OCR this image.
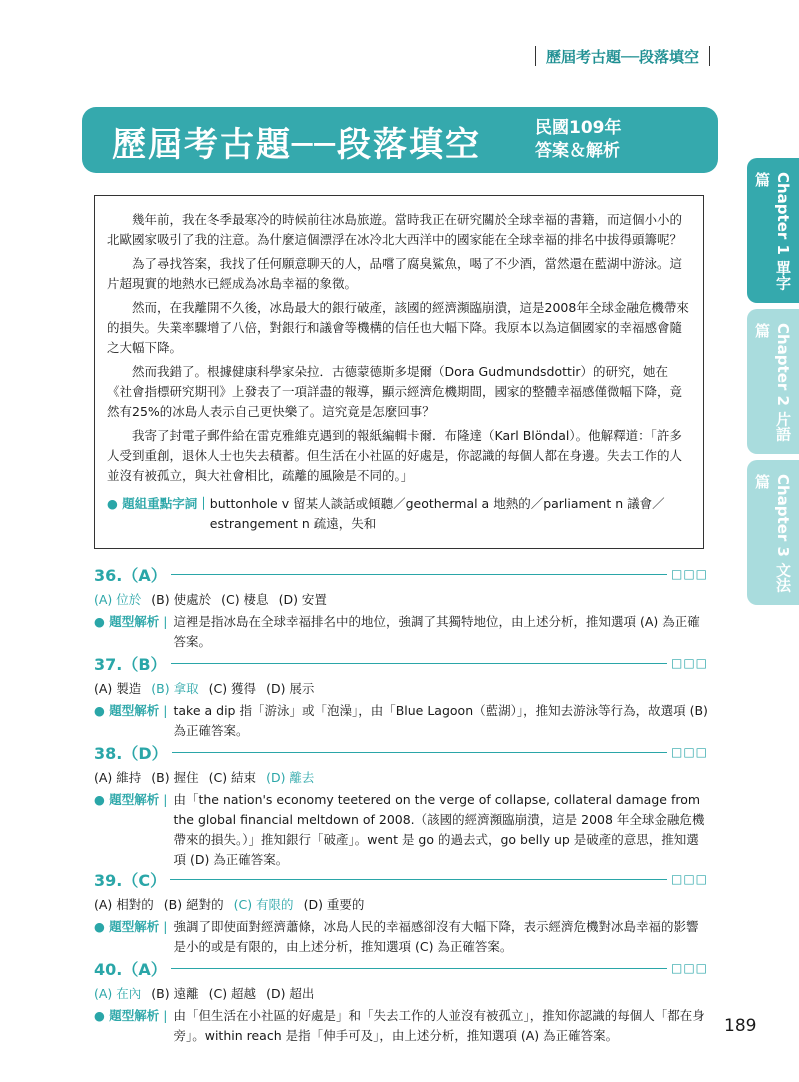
歷屆考古題──段落填空
歷屆考古題──段落填空	民國109年
答案＆解析
Chapter 1 單字篇
Chapter 2 片語篇
Chapter 3 文法篇

幾年前，我在冬季最寒冷的時候前往冰島旅遊。當時我正在研究關於全球幸福的書籍，而這個小小的北歐國家吸引了我的注意。為什麼這個漂浮在冰冷北大西洋中的國家能在全球幸福的排名中拔得頭籌呢？

為了尋找答案，我找了任何願意聊天的人，品嚐了腐臭鯊魚，喝了不少酒，當然還在藍湖中游泳。這片超現實的地熱水已經成為冰島幸福的象徵。

然而，在我離開不久後，冰島最大的銀行破產，該國的經濟瀕臨崩潰，這是2008年全球金融危機帶來的損失。失業率驟增了八倍，對銀行和議會等機構的信任也大幅下降。我原本以為這個國家的幸福感會隨之大幅下降。

然而我錯了。根據健康科學家朵拉．古德蒙德斯多堤爾（Dora Gudmundsdottir）的研究，她在《社會指標研究期刊》上發表了一項詳盡的報導，顯示經濟危機期間，國家的整體幸福感僅微幅下降，竟然有25%的冰島人表示自己更快樂了。這究竟是怎麼回事？

我寄了封電子郵件給在雷克雅維克遇到的報紙編輯卡爾．布隆達（Karl Blöndal）。他解釋道：「許多人受到重創，退休人士也失去積蓄。但生活在小社區的好處是，你認識的每個人都在身邊。失去工作的人並沒有被孤立，與大社會相比，疏離的風險是不同的。」

● 題組重點字詞｜ buttonhole v 留某人談話或傾聽／geothermal a 地熱的／parliament n 議會／estrangement n 疏遠，失和
36.（A）	□□□
(A) 位於 (B) 使處於 (C) 棲息 (D) 安置
● 題型解析 | 這裡是指冰島在全球幸福排名中的地位，強調了其獨特地位，由上述分析，推知選項 (A) 為正確答案。
37.（B）	□□□
(A) 製造 (B) 拿取 (C) 獲得 (D) 展示
● 題型解析 | take a dip 指「游泳」或「泡澡」，由「Blue Lagoon（藍湖）」，推知去游泳等行為，故選項 (B) 為正確答案。
38.（D）	□□□
(A) 維持 (B) 握住 (C) 結束 (D) 離去
● 題型解析 | 由「the nation's economy teetered on the verge of collapse, collateral damage from the global financial meltdown of 2008.（該國的經濟瀕臨崩潰，這是 2008 年全球金融危機帶來的損失。）」推知銀行「破產」。went 是 go 的過去式，go belly up 是破產的意思，推知選項 (D) 為正確答案。
39.（C）	□□□
(A) 相對的 (B) 絕對的 (C) 有限的 (D) 重要的
● 題型解析 | 強調了即使面對經濟蕭條，冰島人民的幸福感卻沒有大幅下降，表示經濟危機對冰島幸福的影響是小的或是有限的，由上述分析，推知選項 (C) 為正確答案。
40.（A）	□□□
(A) 在內 (B) 遠離 (C) 超越 (D) 超出
● 題型解析 | 由「但生活在小社區的好處是」和「失去工作的人並沒有被孤立」，推知你認識的每個人「都在身旁」。within reach 是指「伸手可及」，由上述分析，推知選項 (A) 為正確答案。	189
